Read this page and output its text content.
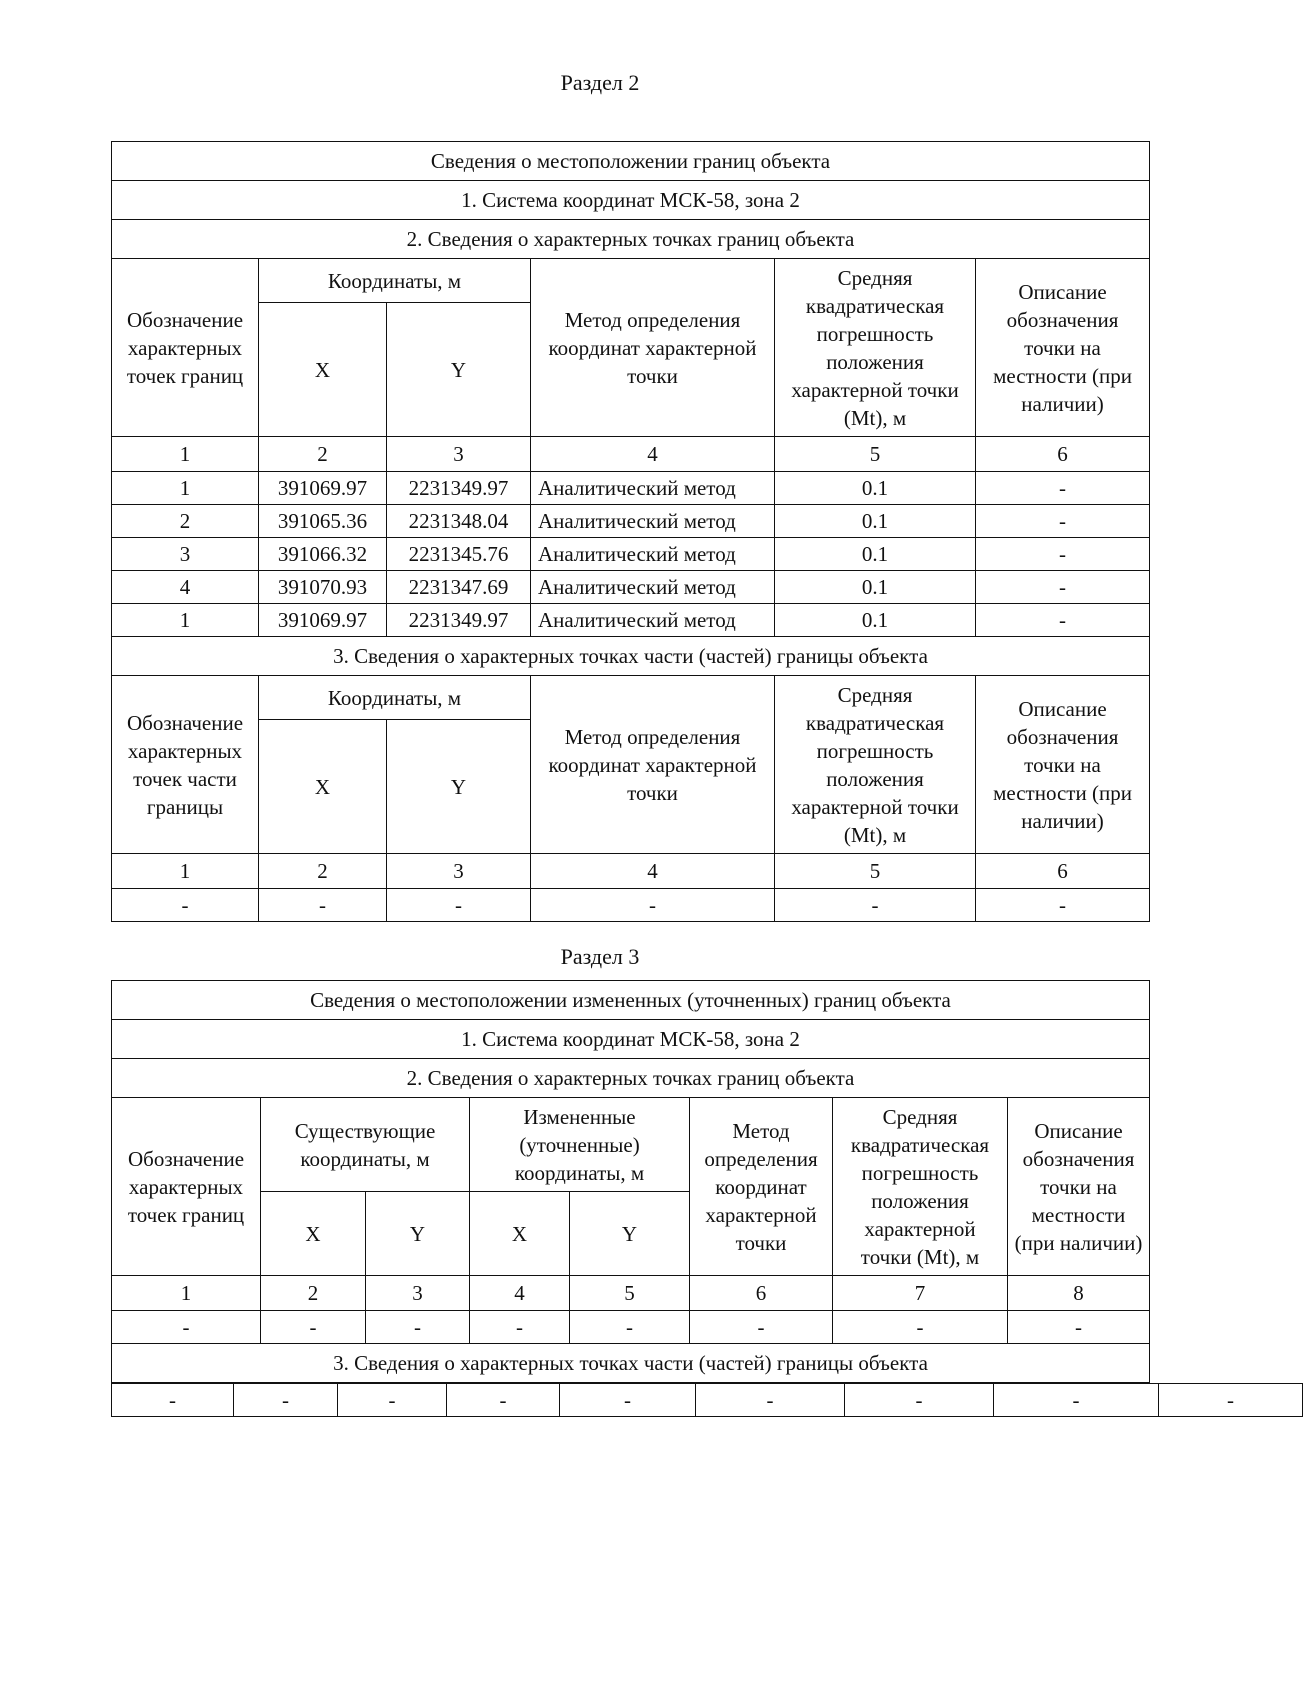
Раздел 2
Сведения о местоположении границ объекта					
1. Система координат МСК-58, зона 2					
2. Сведения о характерных точках границ объекта					
Обозначение характерных точек границ	Координаты, м		Метод определения координат характерной точки	Средняя квадратическая погрешность положения характерной точки (Mt), м	Описание обозначения точки на местности (при наличии)
	X	Y			
1	2	3	4	5	6
1	391069.97	2231349.97	Аналитический метод	0.1	-
2	391065.36	2231348.04	Аналитический метод	0.1	-
3	391066.32	2231345.76	Аналитический метод	0.1	-
4	391070.93	2231347.69	Аналитический метод	0.1	-
1	391069.97	2231349.97	Аналитический метод	0.1	-
3. Сведения о характерных точках части (частей) границы объекта					
Обозначение характерных точек части границы	Координаты, м		Метод определения координат характерной точки	Средняя квадратическая погрешность положения характерной точки (Mt), м	Описание обозначения точки на местности (при наличии)
	X	Y			
1	2	3	4	5	6
-	-	-	-	-	-
Раздел 3
Сведения о местоположении измененных (уточненных) границ объекта							
1. Система координат МСК-58, зона 2							
2. Сведения о характерных точках границ объекта							
Обозначение характерных точек границ	Существующие координаты, м		Измененные (уточненные) координаты, м		Метод определения координат характерной точки	Средняя квадратическая погрешность положения характерной точки (Mt), м	Описание обозначения точки на местности (при наличии)
	X	Y	X	Y			
1	2	3	4	5	6	7	8
-	-	-	-	-	-	-	-
3. Сведения о характерных точках части (частей) границы объекта							
-	-	-	-	-	-	-	-	-
